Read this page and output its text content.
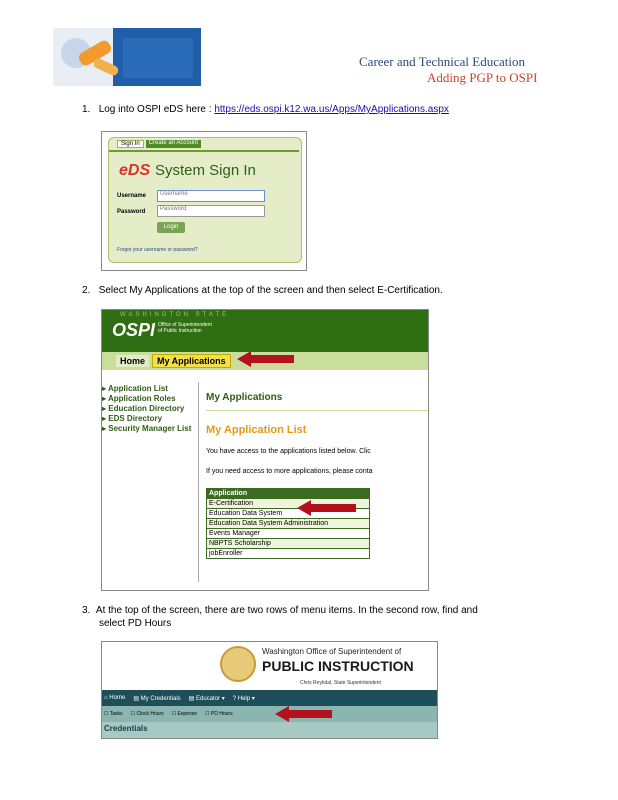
Career and Technical Education
Adding PGP to OSPI
1. Log into OSPI eDS here : https://eds.ospi.k12.wa.us/Apps/MyApplications.aspx
Sign In	Create an Account
eDS System Sign In
Username	Username
Password	Password
Login
Forgot your username or password?
2. Select My Applications at the top of the screen and then select E-Certification.
WASHINGTON STATE
OSPI Office of Superintendent
of Public Instruction
Home	My Applications
▸ Application List
▸ Application Roles
▸ Education Directory
▸ EDS Directory
▸ Security Manager List
My Applications
My Application List
You have access to the applications listed below. Clic
If you need access to more applications, please conta
Application
E-Certification
Education Data System
Education Data System Administration
Events Manager
NBPTS Scholarship
jobEnroller
3. At the top of the screen, there are two rows of menu items. In the second row, find and
select PD Hours
Washington Office of Superintendent of
PUBLIC INSTRUCTION
Chris Reykdal, State Superintendent
⌂ Home ▤ My Credentials ▤ Educator ▾ ? Help ▾
☐ Tasks ☐ Clock Hours ☐ Expense ☐ PD Hours
Credentials
